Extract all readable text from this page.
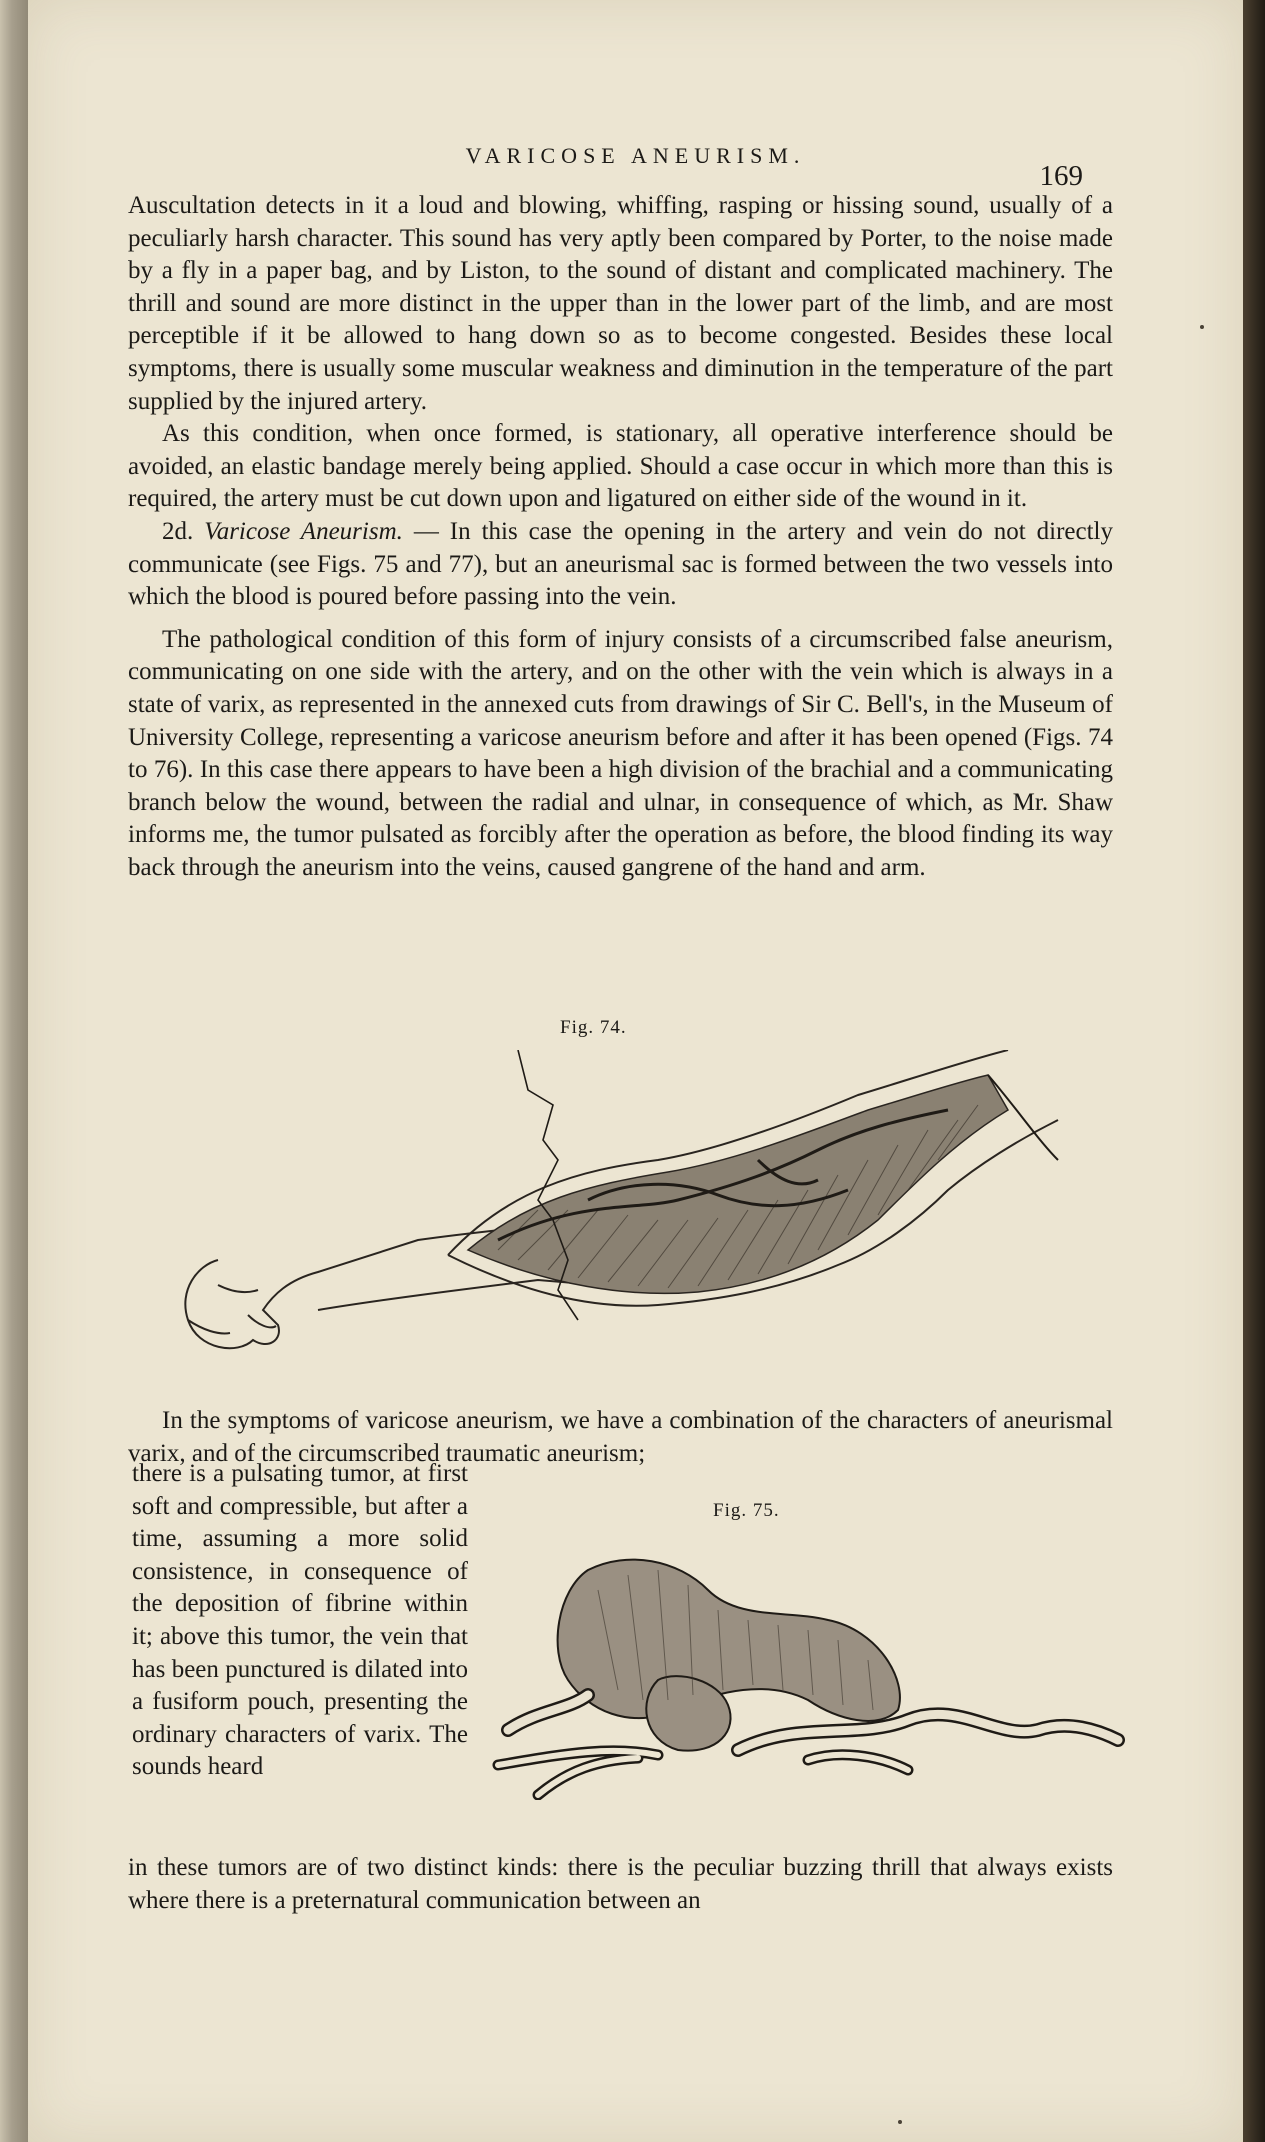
VARICOSE ANEURISM.
169

Auscultation detects in it a loud and blowing, whiffing, rasping or hissing sound, usually of a peculiarly harsh character. This sound has very aptly been compared by Porter, to the noise made by a fly in a paper bag, and by Liston, to the sound of distant and complicated machinery. The thrill and sound are more distinct in the upper than in the lower part of the limb, and are most perceptible if it be allowed to hang down so as to become congested. Besides these local symptoms, there is usually some muscular weakness and diminution in the temperature of the part supplied by the injured artery.

As this condition, when once formed, is stationary, all operative interference should be avoided, an elastic bandage merely being applied. Should a case occur in which more than this is required, the artery must be cut down upon and ligatured on either side of the wound in it.

2d. Varicose Aneurism. — In this case the opening in the artery and vein do not directly communicate (see Figs. 75 and 77), but an aneurismal sac is formed between the two vessels into which the blood is poured before passing into the vein.

The pathological condition of this form of injury consists of a circumscribed false aneurism, communicating on one side with the artery, and on the other with the vein which is always in a state of varix, as represented in the annexed cuts from drawings of Sir C. Bell's, in the Museum of University College, representing a varicose aneurism before and after it has been opened (Figs. 74 to 76). In this case there appears to have been a high division of the brachial and a communicating branch below the wound, between the radial and ulnar, in consequence of which, as Mr. Shaw informs me, the tumor pulsated as forcibly after the operation as before, the blood finding its way back through the aneurism into the veins, caused gangrene of the hand and arm.

Fig. 74.

In the symptoms of varicose aneurism, we have a combination of the characters of aneurismal varix, and of the circumscribed traumatic aneurism;

there is a pulsating tumor, at first soft and compressible, but after a time, assuming a more solid consistence, in consequence of the deposition of fibrine within it; above this tumor, the vein that has been punctured is dilated into a fusiform pouch, presenting the ordinary characters of varix. The sounds heard
Fig. 75.

in these tumors are of two distinct kinds: there is the peculiar buzzing thrill that always exists where there is a preternatural communication between an
